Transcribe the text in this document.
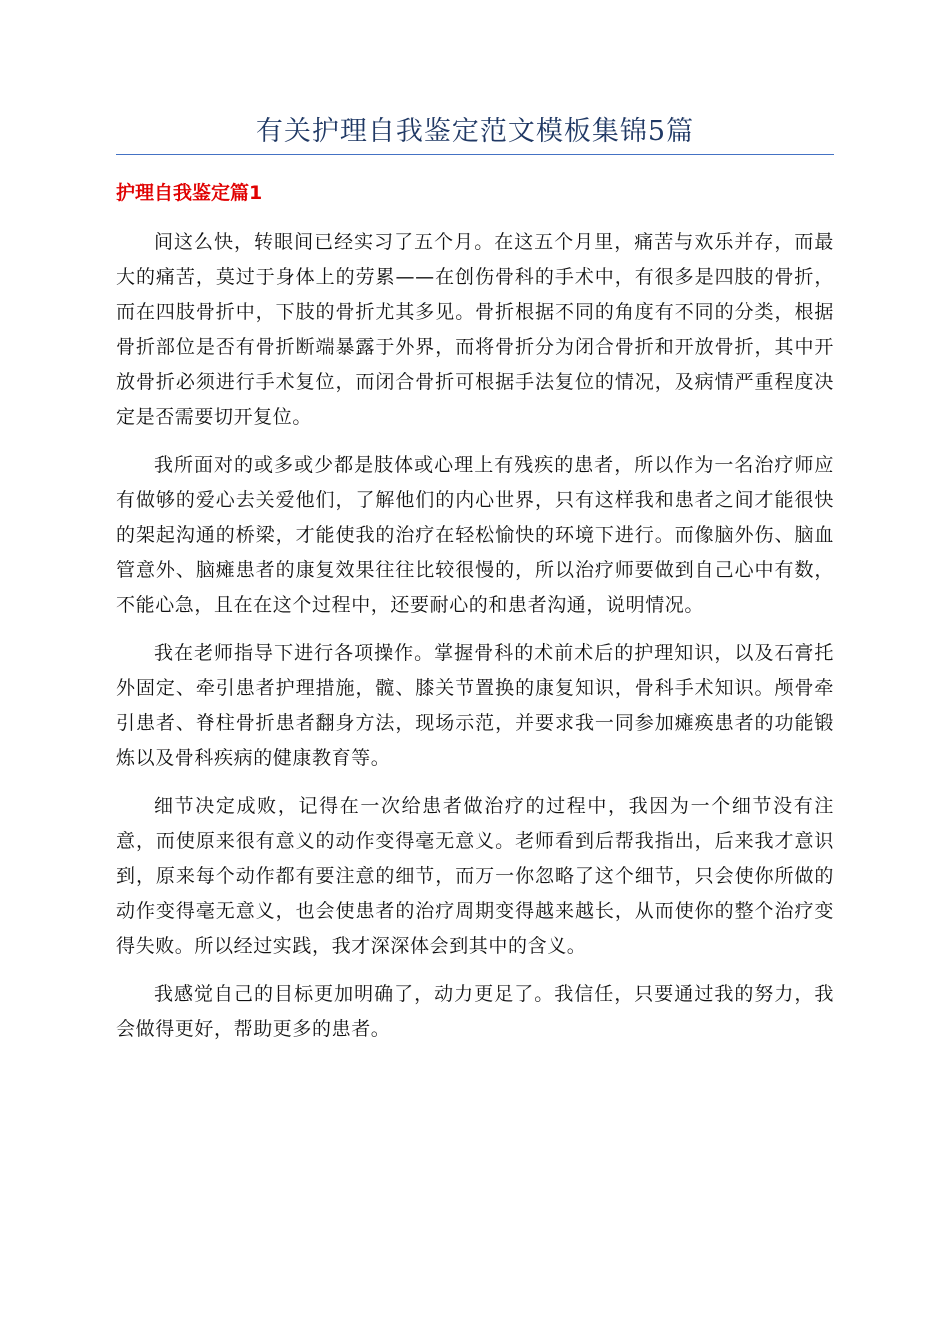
有关护理自我鉴定范文模板集锦5篇
护理自我鉴定篇1

间这么快，转眼间已经实习了五个月。在这五个月里，痛苦与欢乐并存，而最大的痛苦，莫过于身体上的劳累——在创伤骨科的手术中，有很多是四肢的骨折，而在四肢骨折中，下肢的骨折尤其多见。骨折根据不同的角度有不同的分类，根据骨折部位是否有骨折断端暴露于外界，而将骨折分为闭合骨折和开放骨折，其中开放骨折必须进行手术复位，而闭合骨折可根据手法复位的情况，及病情严重程度决定是否需要切开复位。

我所面对的或多或少都是肢体或心理上有残疾的患者，所以作为一名治疗师应有做够的爱心去关爱他们，了解他们的内心世界，只有这样我和患者之间才能很快的架起沟通的桥梁，才能使我的治疗在轻松愉快的环境下进行。而像脑外伤、脑血管意外、脑瘫患者的康复效果往往比较很慢的，所以治疗师要做到自己心中有数，不能心急，且在在这个过程中，还要耐心的和患者沟通，说明情况。

我在老师指导下进行各项操作。掌握骨科的术前术后的护理知识，以及石膏托外固定、牵引患者护理措施，髋、膝关节置换的康复知识，骨科手术知识。颅骨牵引患者、脊柱骨折患者翻身方法，现场示范，并要求我一同参加瘫痪患者的功能锻炼以及骨科疾病的健康教育等。

细节决定成败，记得在一次给患者做治疗的过程中，我因为一个细节没有注意，而使原来很有意义的动作变得毫无意义。老师看到后帮我指出，后来我才意识到，原来每个动作都有要注意的细节，而万一你忽略了这个细节，只会使你所做的动作变得毫无意义，也会使患者的治疗周期变得越来越长，从而使你的整个治疗变得失败。所以经过实践，我才深深体会到其中的含义。

我感觉自己的目标更加明确了，动力更足了。我信任，只要通过我的努力，我会做得更好，帮助更多的患者。
